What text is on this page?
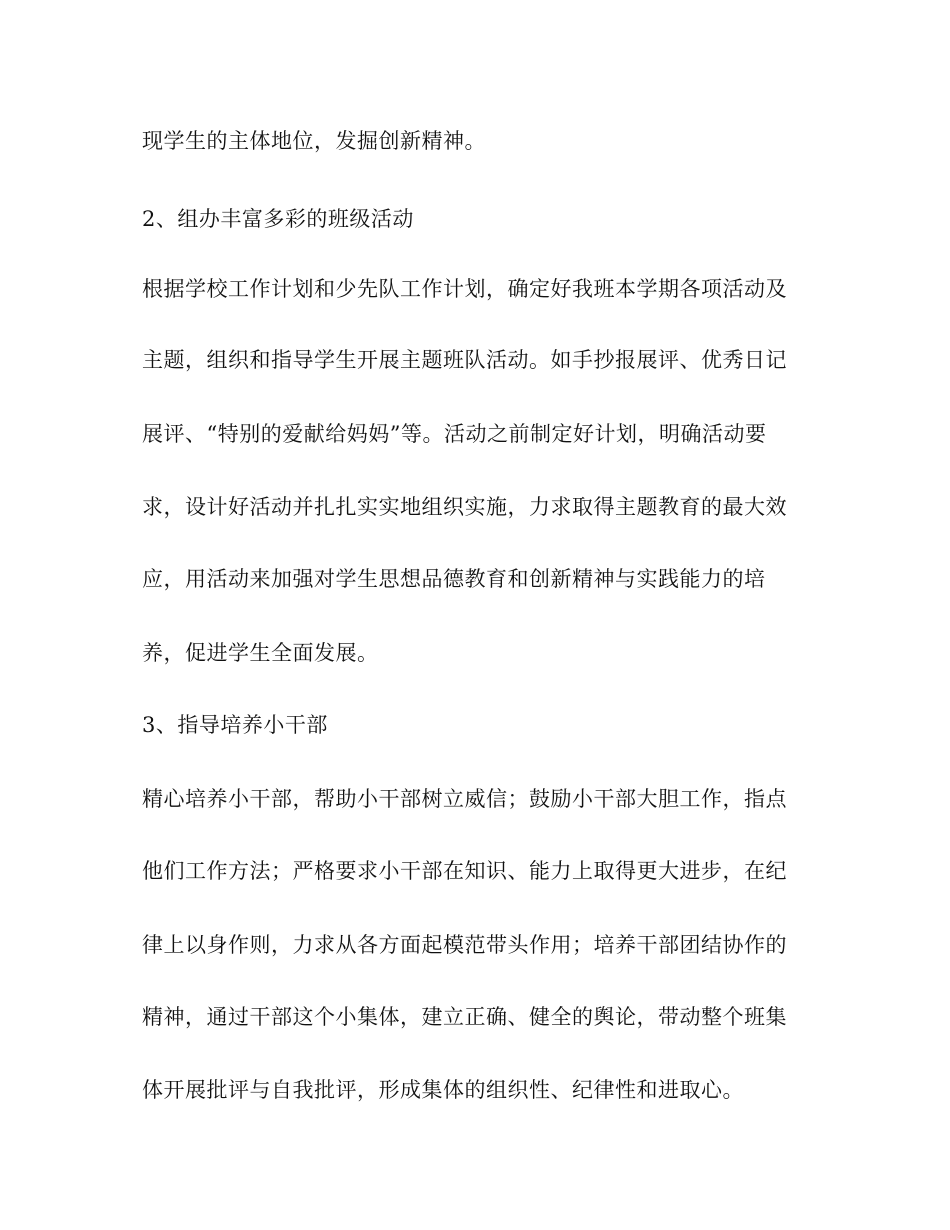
现学生的主体地位，发掘创新精神。

2、组办丰富多彩的班级活动

根据学校工作计划和少先队工作计划，确定好我班本学期各项活动及

主题，组织和指导学生开展主题班队活动。如手抄报展评、优秀日记

展评、“特别的爱献给妈妈”等。活动之前制定好计划，明确活动要

求，设计好活动并扎扎实实地组织实施，力求取得主题教育的最大效

应，用活动来加强对学生思想品德教育和创新精神与实践能力的培

养，促进学生全面发展。

3、指导培养小干部

精心培养小干部，帮助小干部树立威信；鼓励小干部大胆工作，指点

他们工作方法；严格要求小干部在知识、能力上取得更大进步，在纪

律上以身作则，力求从各方面起模范带头作用；培养干部团结协作的

精神，通过干部这个小集体，建立正确、健全的舆论，带动整个班集

体开展批评与自我批评，形成集体的组织性、纪律性和进取心。
